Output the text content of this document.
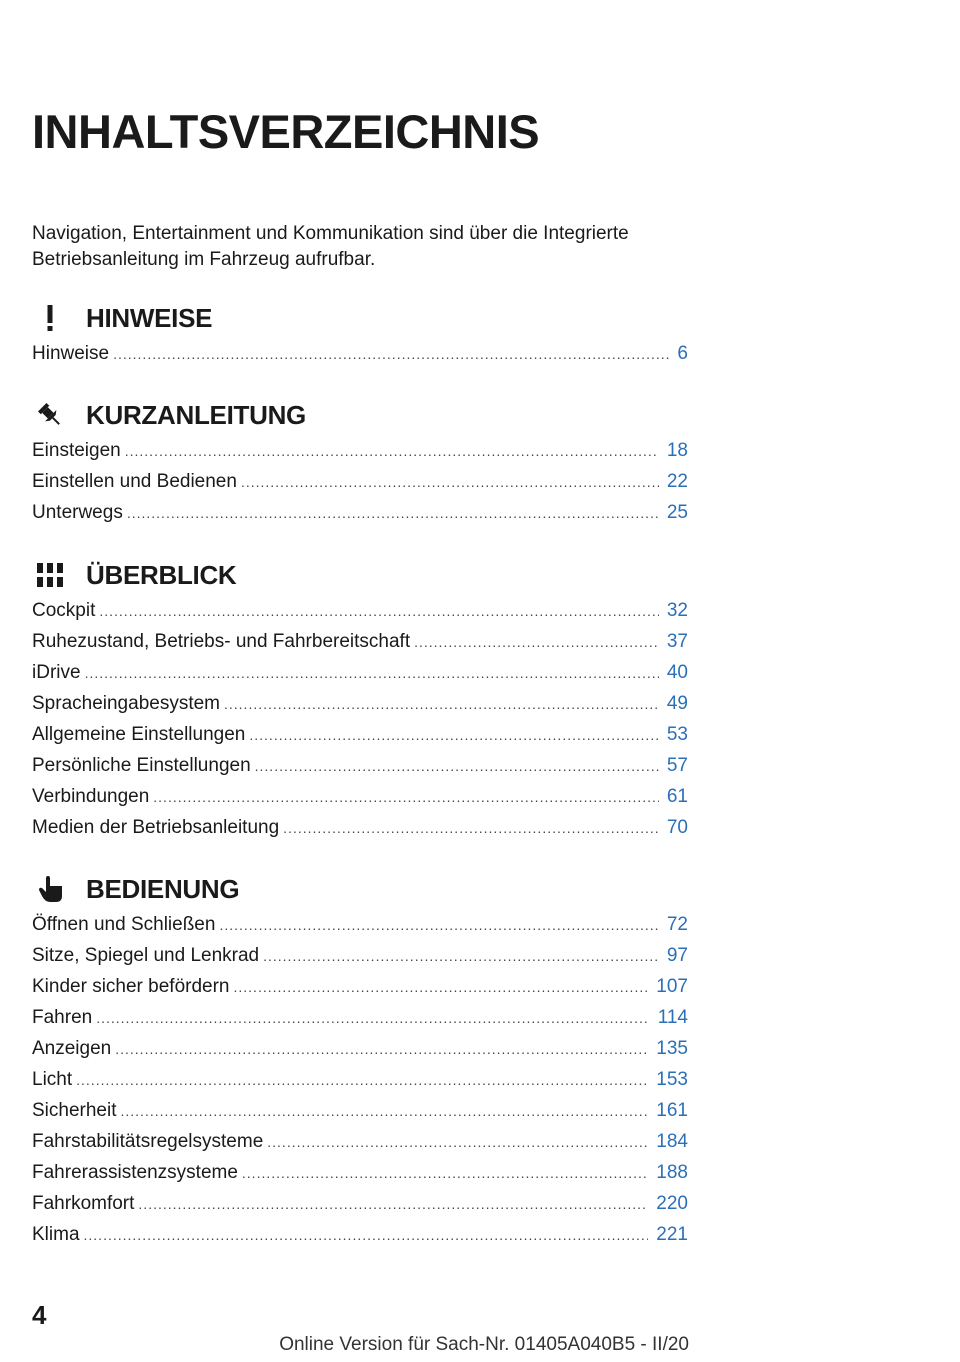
INHALTSVERZEICHNIS

Navigation, Entertainment und Kommunikation sind über die Integrierte Betriebsanleitung im Fahrzeug aufrufbar.

HINWEISE
Hinweise .....	6
KURZANLEITUNG
Einsteigen .....	18
Einstellen und Bedienen .....	22
Unterwegs .....	25
ÜBERBLICK
Cockpit .....	32
Ruhezustand, Betriebs- und Fahrbereitschaft .....	37
iDrive .....	40
Spracheingabesystem .....	49
Allgemeine Einstellungen .....	53
Persönliche Einstellungen .....	57
Verbindungen .....	61
Medien der Betriebsanleitung .....	70
BEDIENUNG
Öffnen und Schließen .....	72
Sitze, Spiegel und Lenkrad .....	97
Kinder sicher befördern .....	107
Fahren .....	114
Anzeigen .....	135
Licht .....	153
Sicherheit .....	161
Fahrstabilitätsregelsysteme .....	184
Fahrerassistenzsysteme .....	188
Fahrkomfort .....	220
Klima .....	221
4
Online Version für Sach-Nr. 01405A040B5 - II/20
